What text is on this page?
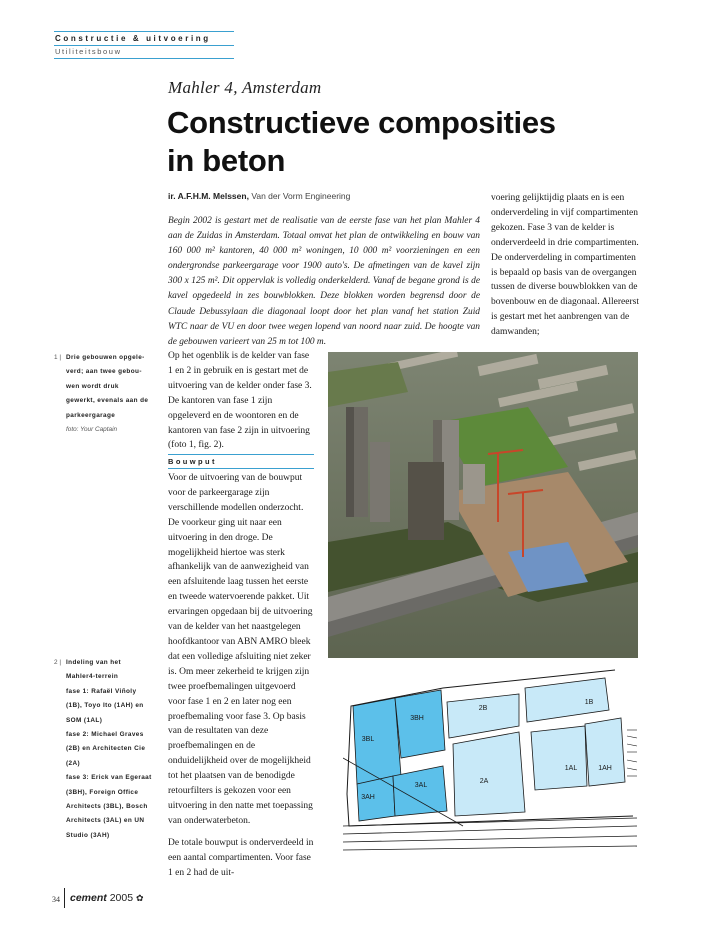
Constructie & uitvoering
Utiliteitsbouw
Mahler 4, Amsterdam
Constructieve composities
in beton
ir. A.F.H.M. Melssen, Van der Vorm Engineering
Begin 2002 is gestart met de realisatie van de eerste fase van het plan Mahler 4 aan de Zuidas in Amsterdam. Totaal omvat het plan de ontwikkeling en bouw van 160 000 m² kantoren, 40 000 m² woningen, 10 000 m² voorzieningen en een ondergrondse parkeergarage voor 1900 auto's. De afmetingen van de kavel zijn 300 x 125 m². Dit oppervlak is volledig onderkelderd. Vanaf de begane grond is de kavel opgedeeld in zes bouwblokken. Deze blokken worden begrensd door de Claude Debussylaan die diagonaal loopt door het plan vanaf het station Zuid WTC naar de VU en door twee wegen lopend van noord naar zuid. De hoogte van de gebouwen varieert van 25 m tot 100 m.

voering gelijktijdig plaats en is een onderverdeling in vijf compartimenten gekozen. Fase 3 van de kelder is onderverdeeld in drie compartimenten. De onderverdeling in compartimenten is bepaald op basis van de overgangen tussen de diverse bouwblokken van de bovenbouw en de diagonaal. Allereerst is gestart met het aanbrengen van de damwanden;

Op het ogenblik is de kelder van fase 1 en 2 in gebruik en is gestart met de uitvoering van de kelder onder fase 3. De kantoren van fase 1 zijn opgeleverd en de woontoren en de kantoren van fase 2 zijn in uitvoering (foto 1, fig. 2).

Bouwput

Voor de uitvoering van de bouwput voor de parkeergarage zijn verschillende modellen onderzocht. De voorkeur ging uit naar een uitvoering in den droge. De mogelijkheid hiertoe was sterk afhankelijk van de aanwezigheid van een afsluitende laag tussen het eerste en tweede watervoerende pakket. Uit ervaringen opgedaan bij de uitvoering van de kelder van het naastgelegen hoofdkantoor van ABN AMRO bleek dat een volledige afsluiting niet zeker is. Om meer zekerheid te krijgen zijn twee proefbemalingen uitgevoerd voor fase 1 en 2 en later nog een proefbemaling voor fase 3. Op basis van de resultaten van deze proefbemalingen en de onduidelijkheid over de mogelijkheid tot het plaatsen van de benodigde retourfilters is gekozen voor een uitvoering in den natte met toepassing van onderwaterbeton.

De totale bouwput is onderverdeeld in een aantal compartimenten. Voor fase 1 en 2 had de uit-

1 | Drie gebouwen opgele-
verd; aan twee gebou-
wen wordt druk
gewerkt, evenals aan de
parkeergarage
foto: Your Captain
2 | Indeling van het
Mahler4-terrein
fase 1: Rafaël Viñoly
(1B), Toyo Ito (1AH) en
SOM (1AL)
fase 2: Michael Graves
(2B) en Architecten Cie
(2A)
fase 3: Erick van Egeraat
(3BH), Foreign Office
Architects (3BL), Bosch
Architects (3AL) en UN
Studio (3AH)
3BL
3BH
2B
1B
2A
1AL	1AH
3AL
3AH
34 cement 2005 ✿
